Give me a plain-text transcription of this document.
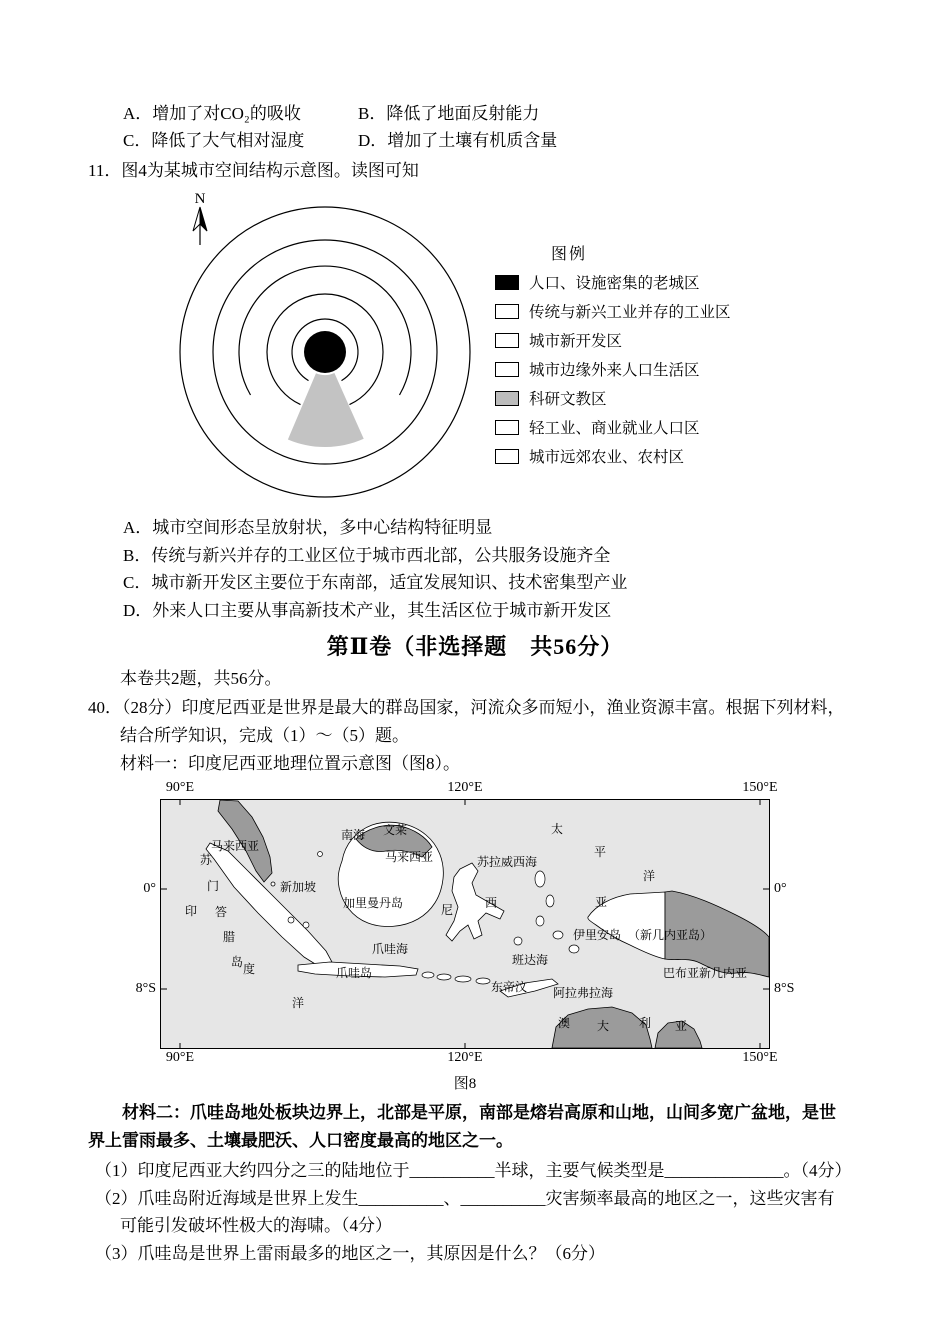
A．增加了对CO₂的吸收	B．降低了地面反射能力
C．降低了大气相对湿度	D．增加了土壤有机质含量
11．图4为某城市空间结构示意图。读图可知
N
图例
人口、设施密集的老城区
传统与新兴工业并存的工业区
城市新开发区
城市边缘外来人口生活区
科研文教区
轻工业、商业就业人口区
城市远郊农业、农村区
A．城市空间形态呈放射状，多中心结构特征明显
B．传统与新兴并存的工业区位于城市西北部，公共服务设施齐全
C．城市新开发区主要位于东南部，适宜发展知识、技术密集型产业
D．外来人口主要从事高新技术产业，其生活区位于城市新开发区
第Ⅱ卷（非选择题　共56分）
本卷共2题，共56分。
40．（28分）印度尼西亚是世界是最大的群岛国家，河流众多而短小，渔业资源丰富。根据下列材料，结合所学知识，完成（1）～（5）题。
材料一：印度尼西亚地理位置示意图（图8）。
90°E	120°E	150°E
马来西亚
南海 文莱
马来西亚
新加坡
苏
门
答
腊
岛
印
度
洋
加里曼丹岛
苏拉威西海
尼	西	亚
太
平
洋
爪哇海
爪哇岛
班达海
东帝汶 阿拉弗拉海
伊里安岛 （新几内亚岛）
巴布亚新几内亚
澳 大 利 亚
0°
8°S
0°
8°S
90°E	120°E	150°E
图8
材料二：爪哇岛地处板块边界上，北部是平原，南部是熔岩高原和山地，山间多宽广盆地，是世界上雷雨最多、土壤最肥沃、人口密度最高的地区之一。
（1）印度尼西亚大约四分之三的陆地位于__________半球，主要气候类型是______________。（4分）
（2）爪哇岛附近海域是世界上发生__________、__________灾害频率最高的地区之一，这些灾害有可能引发破坏性极大的海啸。（4分）
（3）爪哇岛是世界上雷雨最多的地区之一，其原因是什么？（6分）
